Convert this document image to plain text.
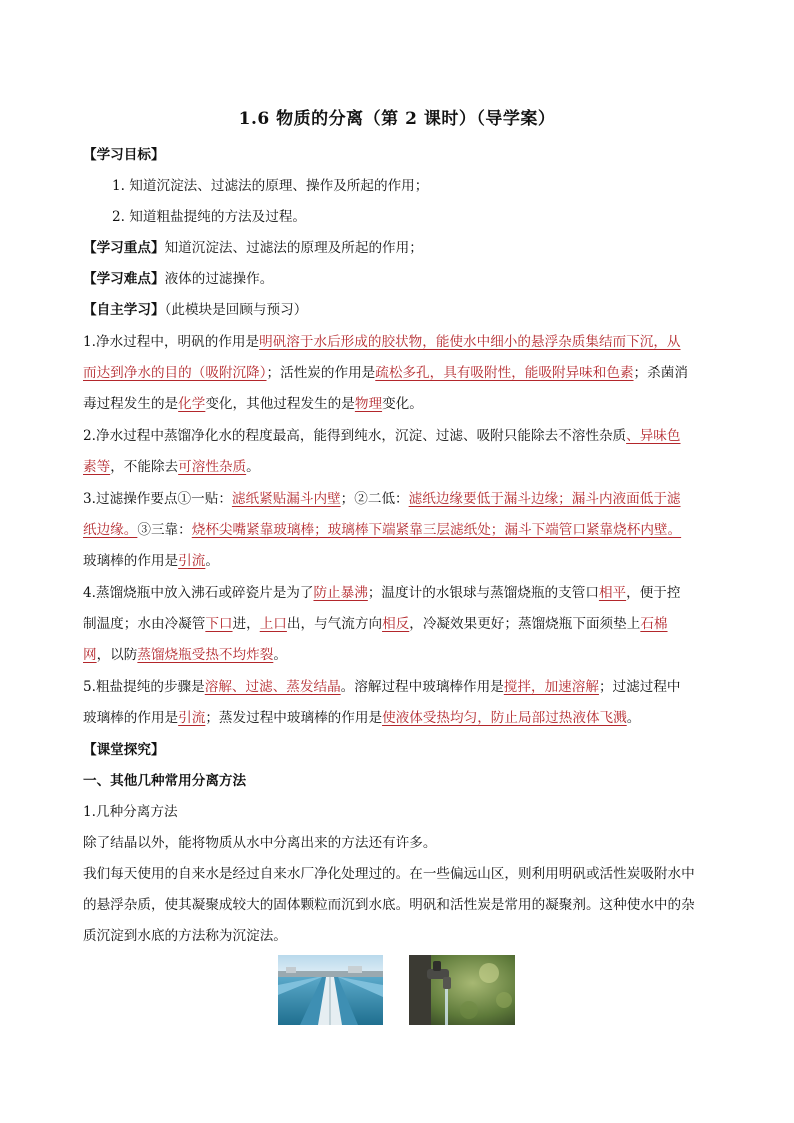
1.6 物质的分离（第 2 课时）（导学案）
【学习目标】
1. 知道沉淀法、过滤法的原理、操作及所起的作用；
2. 知道粗盐提纯的方法及过程。
【学习重点】知道沉淀法、过滤法的原理及所起的作用；
【学习难点】液体的过滤操作。
【自主学习】（此模块是回顾与预习）
1.净水过程中，明矾的作用是明矾溶于水后形成的胶状物，能使水中细小的悬浮杂质集结而下沉，从
而达到净水的目的（吸附沉降）；活性炭的作用是疏松多孔，具有吸附性，能吸附异味和色素；杀菌消
毒过程发生的是化学变化，其他过程发生的是物理变化。
2.净水过程中蒸馏净化水的程度最高，能得到纯水，沉淀、过滤、吸附只能除去不溶性杂质、异味色
素等，不能除去可溶性杂质。
3.过滤操作要点①一贴：滤纸紧贴漏斗内壁；②二低：滤纸边缘要低于漏斗边缘；漏斗内液面低于滤
纸边缘。③三靠：烧杯尖嘴紧靠玻璃棒；玻璃棒下端紧靠三层滤纸处；漏斗下端管口紧靠烧杯内壁。
玻璃棒的作用是引流。
4.蒸馏烧瓶中放入沸石或碎瓷片是为了防止暴沸；温度计的水银球与蒸馏烧瓶的支管口相平，便于控
制温度；水由冷凝管下口进，上口出，与气流方向相反，冷凝效果更好；蒸馏烧瓶下面须垫上石棉
网，以防蒸馏烧瓶受热不均炸裂。
5.粗盐提纯的步骤是溶解、过滤、蒸发结晶。溶解过程中玻璃棒作用是搅拌，加速溶解；过滤过程中
玻璃棒的作用是引流；蒸发过程中玻璃棒的作用是使液体受热均匀，防止局部过热液体飞溅。
【课堂探究】
一、其他几种常用分离方法
1.几种分离方法
除了结晶以外，能将物质从水中分离出来的方法还有许多。
我们每天使用的自来水是经过自来水厂净化处理过的。在一些偏远山区，则利用明矾或活性炭吸附水中
的悬浮杂质，使其凝聚成较大的固体颗粒而沉到水底。明矾和活性炭是常用的凝聚剂。这种使水中的杂
质沉淀到水底的方法称为沉淀法。
